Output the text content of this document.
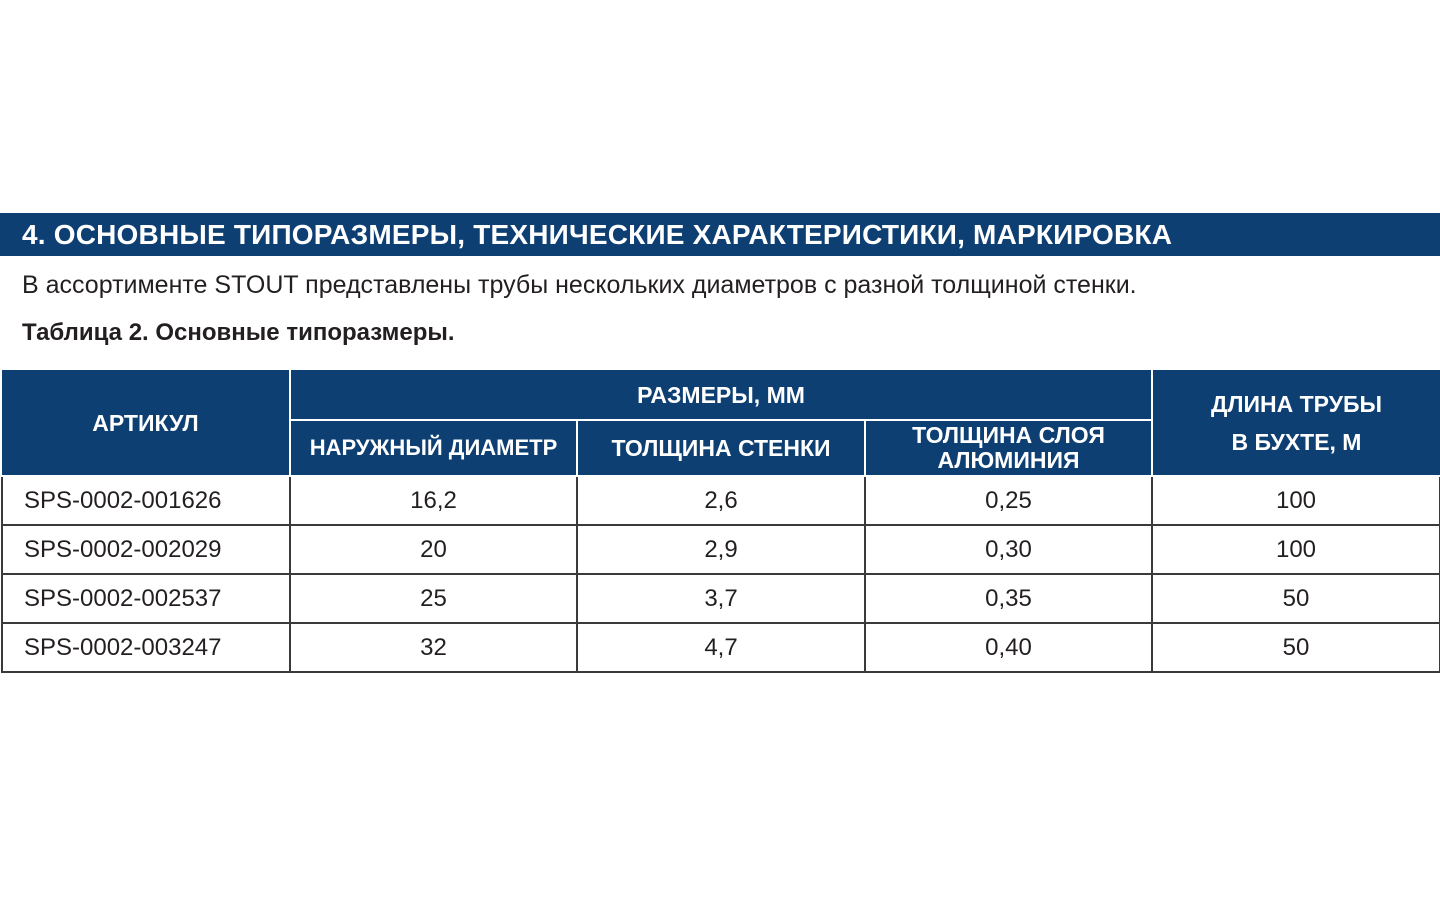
4. ОСНОВНЫЕ ТИПОРАЗМЕРЫ, ТЕХНИЧЕСКИЕ ХАРАКТЕРИСТИКИ, МАРКИРОВКА
В ассортименте STOUT представлены трубы нескольких диаметров с разной толщиной стенки.
Таблица 2. Основные типоразмеры.
АРТИКУЛ	РАЗМЕРЫ, ММ			ДЛИНА ТРУБЫ
В БУХТЕ, М
	НАРУЖНЫЙ ДИАМЕТР	ТОЛЩИНА СТЕНКИ	ТОЛЩИНА СЛОЯ АЛЮМИНИЯ	
SPS-0002-001626	16,2	2,6	0,25	100
SPS-0002-002029	20	2,9	0,30	100
SPS-0002-002537	25	3,7	0,35	50
SPS-0002-003247	32	4,7	0,40	50
